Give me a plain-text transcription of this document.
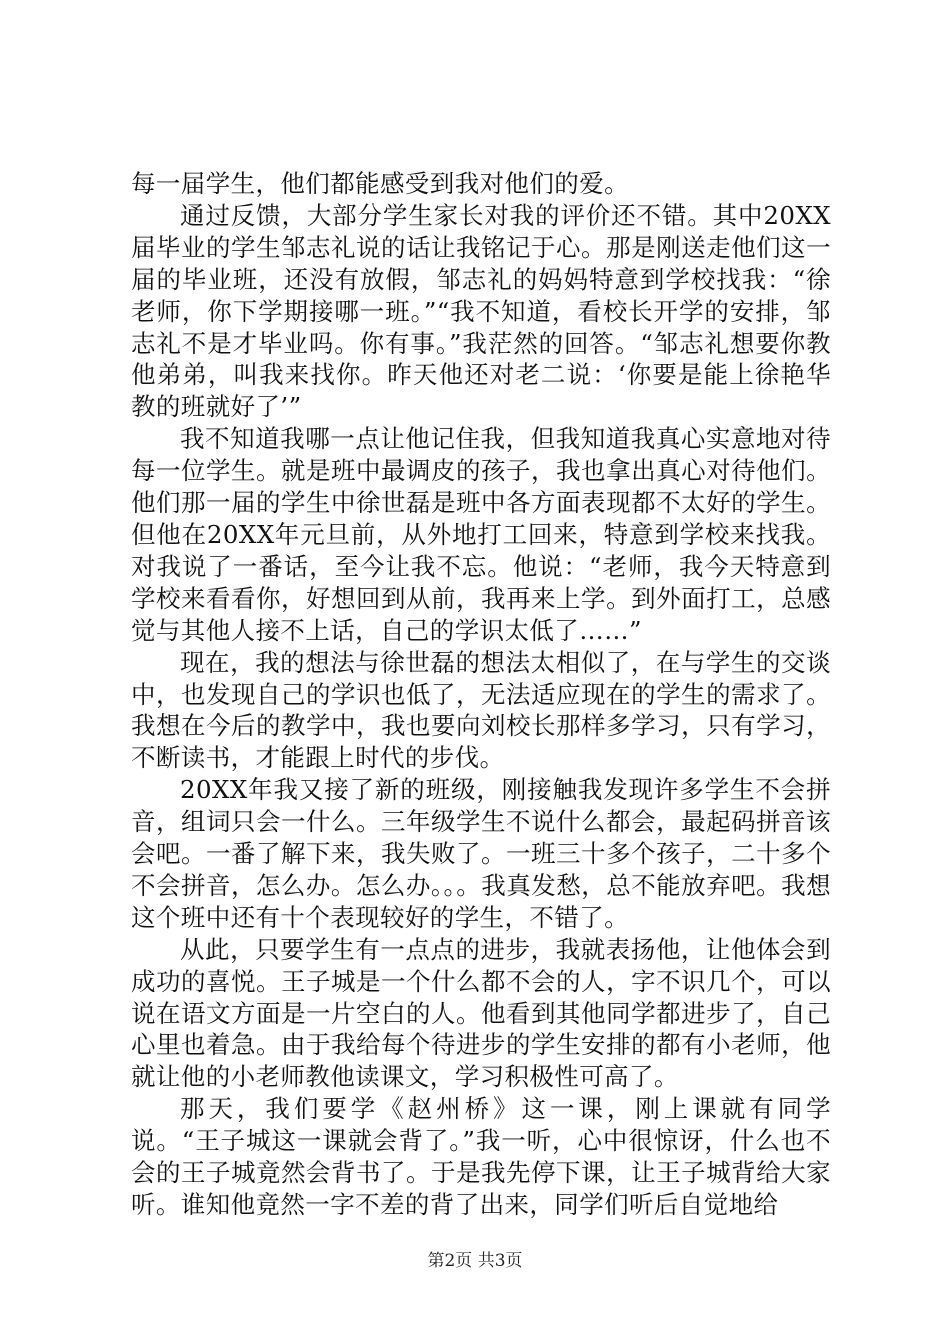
每一届学生，他们都能感受到我对他们的爱。

通过反馈，大部分学生家长对我的评价还不错。其中20XX届毕业的学生邹志礼说的话让我铭记于心。那是刚送走他们这一届的毕业班，还没有放假，邹志礼的妈妈特意到学校找我：“徐老师，你下学期接哪一班。”“我不知道，看校长开学的安排，邹志礼不是才毕业吗。你有事。”我茫然的回答。“邹志礼想要你教他弟弟，叫我来找你。昨天他还对老二说：‘你要是能上徐艳华教的班就好了’”

我不知道我哪一点让他记住我，但我知道我真心实意地对待每一位学生。就是班中最调皮的孩子，我也拿出真心对待他们。他们那一届的学生中徐世磊是班中各方面表现都不太好的学生。但他在20XX年元旦前，从外地打工回来，特意到学校来找我。对我说了一番话，至今让我不忘。他说：“老师，我今天特意到学校来看看你，好想回到从前，我再来上学。到外面打工，总感觉与其他人接不上话，自己的学识太低了……”

现在，我的想法与徐世磊的想法太相似了，在与学生的交谈中，也发现自己的学识也低了，无法适应现在的学生的需求了。我想在今后的教学中，我也要向刘校长那样多学习，只有学习，不断读书，才能跟上时代的步伐。

20XX年我又接了新的班级，刚接触我发现许多学生不会拼音，组词只会一什么。三年级学生不说什么都会，最起码拼音该会吧。一番了解下来，我失败了。一班三十多个孩子，二十多个不会拼音，怎么办。怎么办。。。我真发愁，总不能放弃吧。我想这个班中还有十个表现较好的学生，不错了。

从此，只要学生有一点点的进步，我就表扬他，让他体会到成功的喜悦。王子城是一个什么都不会的人，字不识几个，可以说在语文方面是一片空白的人。他看到其他同学都进步了，自己心里也着急。由于我给每个待进步的学生安排的都有小老师，他就让他的小老师教他读课文，学习积极性可高了。

那天，我们要学《赵州桥》这一课，刚上课就有同学说。“王子城这一课就会背了。”我一听，心中很惊讶，什么也不会的王子城竟然会背书了。于是我先停下课，让王子城背给大家听。谁知他竟然一字不差的背了出来，同学们听后自觉地给

第2页 共3页
